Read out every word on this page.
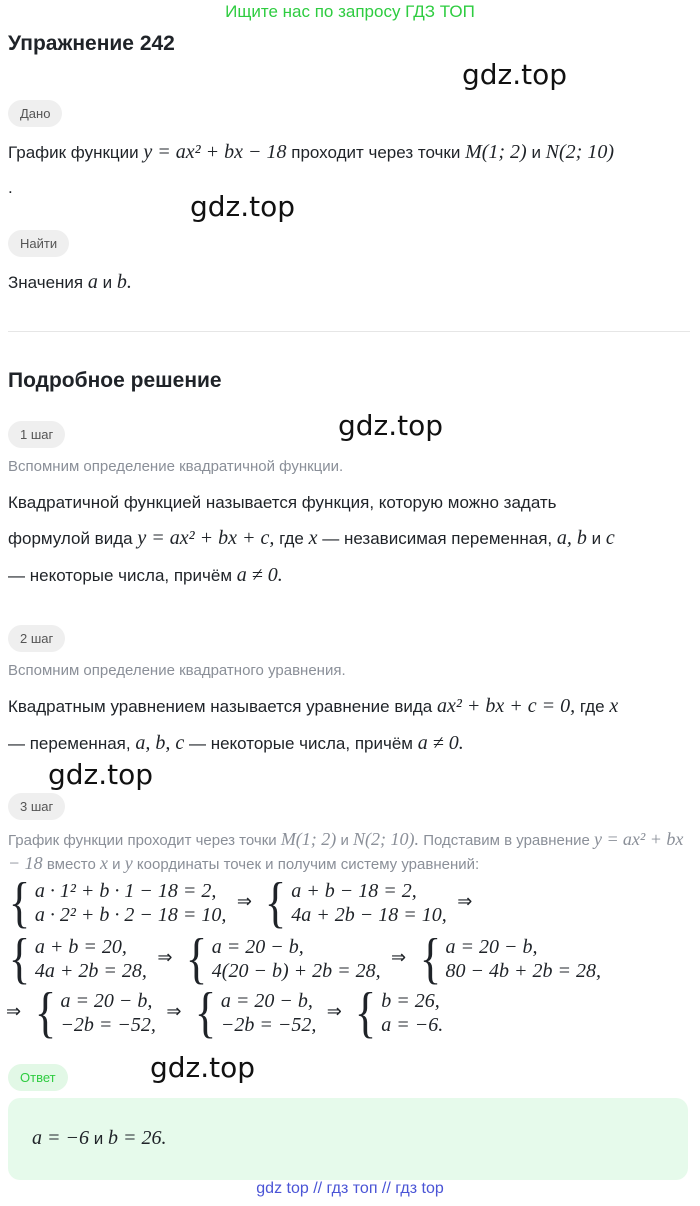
Ищите нас по запросу ГДЗ ТОП
Упражнение 242
gdz.top
gdz.top
gdz.top
gdz.top
gdz.top
Дано
График функции y = ax² + bx − 18 проходит через точки M(1; 2) и N(2; 10)
.
Найти
Значения a и b.
Подробное решение
1 шаг
Вспомним определение квадратичной функции.
Квадратичной функцией называется функция, которую можно задать
формулой вида y = ax² + bx + c, где x — независимая переменная, a, b и c
— некоторые числа, причём a ≠ 0.
2 шаг
Вспомним определение квадратного уравнения.
Квадратным уравнением называется уравнение вида ax² + bx + c = 0, где x
— переменная, a, b, c — некоторые числа, причём a ≠ 0.
3 шаг
График функции проходит через точки M(1; 2) и N(2; 10). Подставим в уравнение y = ax² + bx − 18 вместо x и y координаты точек и получим систему уравнений:
{ a · 1² + b · 1 − 18 = 2,
a · 2² + b · 2 − 18 = 10,
⇒ { a + b − 18 = 2,
4a + 2b − 18 = 10,
⇒
{ a + b = 20,
4a + 2b = 28,
⇒ { a = 20 − b,
4(20 − b) + 2b = 28,
⇒ { a = 20 − b,
80 − 4b + 2b = 28,
⇒ { a = 20 − b,
−2b = −52,
⇒ { a = 20 − b,
−2b = −52,
⇒ { b = 26,
a = −6.
Ответ
a = −6 и b = 26.
gdz top // гдз топ // гдз top
